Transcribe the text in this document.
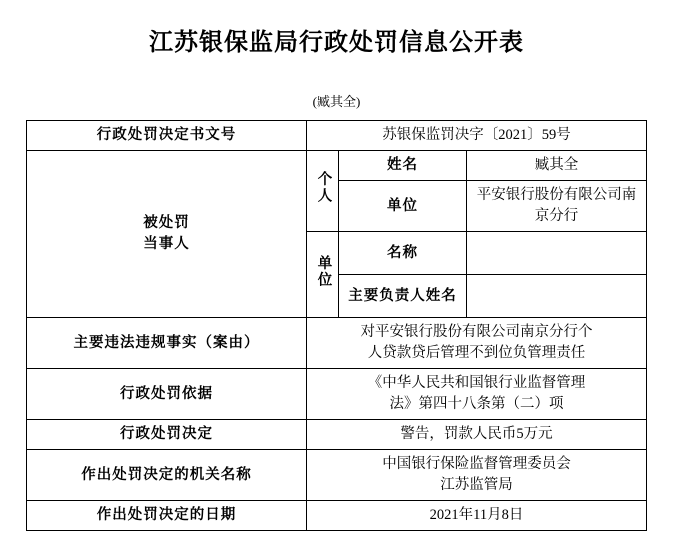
江苏银保监局行政处罚信息公开表
(臧其全)
行政处罚决定书文号	苏银保监罚决字〔2021〕59号		

被处罚
当事人	个人	姓名	臧其全
		单位	平安银行股份有限公司南京分行
	单位	名称	
		主要负责人姓名	
主要违法违规事实（案由）	对平安银行股份有限公司南京分行个
人贷款贷后管理不到位负管理责任		

行政处罚依据	《中华人民共和国银行业监督管理
法》第四十八条第（二）项		

行政处罚决定	警告，罚款人民币5万元		
作出处罚决定的机关名称	中国银行保险监督管理委员会
江苏监管局		

作出处罚决定的日期	2021年11月8日		
